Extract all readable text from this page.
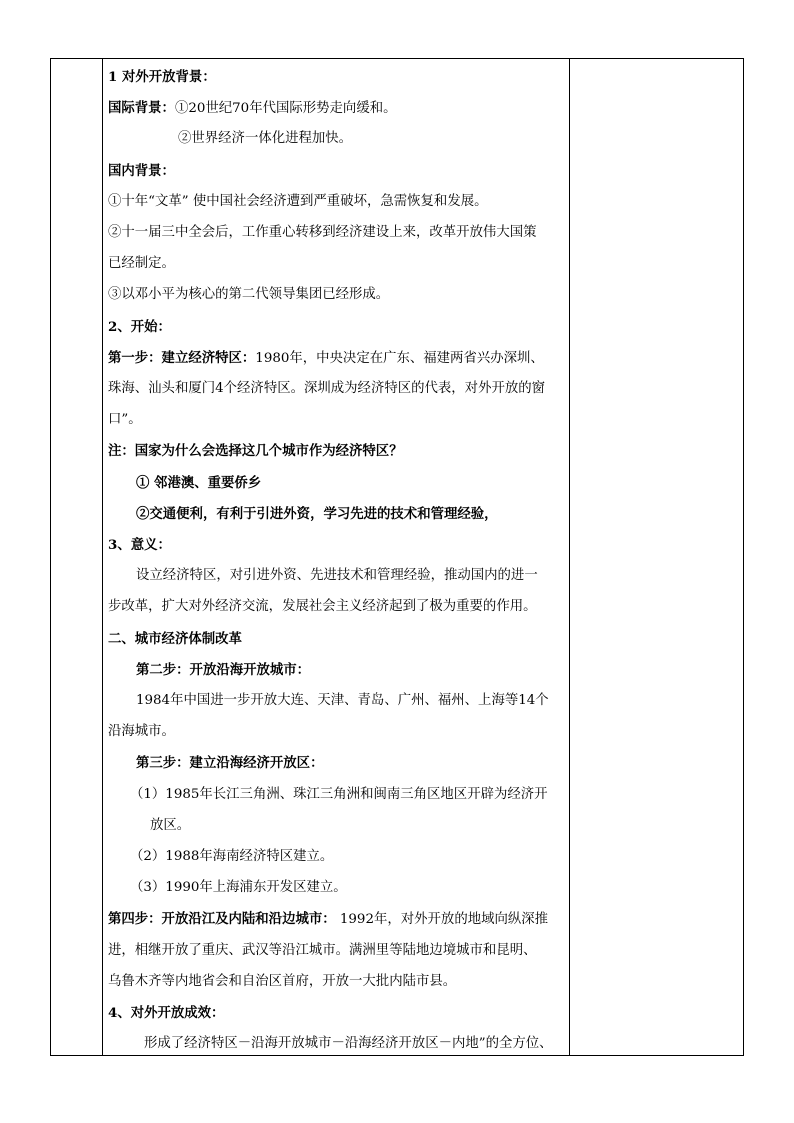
1 对外开放背景：
国际背景：①20世纪70年代国际形势走向缓和。
②世界经济一体化进程加快。
国内背景：
①十年“文革” 使中国社会经济遭到严重破坏，急需恢复和发展。
②十一届三中全会后，工作重心转移到经济建设上来，改革开放伟大国策
已经制定。
③以邓小平为核心的第二代领导集团已经形成。
2、开始：
第一步：建立经济特区：1980年，中央决定在广东、福建两省兴办深圳、
珠海、汕头和厦门4个经济特区。深圳成为经济特区的代表，对外开放的窗
口”。
注：国家为什么会选择这几个城市作为经济特区？
① 邻港澳、重要侨乡
②交通便利，有利于引进外资，学习先进的技术和管理经验，
3、意义：
设立经济特区，对引进外资、先进技术和管理经验，推动国内的进一
步改革，扩大对外经济交流，发展社会主义经济起到了极为重要的作用。
二、城市经济体制改革
第二步：开放沿海开放城市：
1984年中国进一步开放大连、天津、青岛、广州、福州、上海等14个
沿海城市。
第三步：建立沿海经济开放区：
（1）1985年长江三角洲、珠江三角洲和闽南三角区地区开辟为经济开
放区。
（2）1988年海南经济特区建立。
（3）1990年上海浦东开发区建立。
第四步：开放沿江及内陆和沿边城市： 1992年，对外开放的地域向纵深推
进，相继开放了重庆、武汉等沿江城市。满洲里等陆地边境城市和昆明、
乌鲁木齐等内地省会和自治区首府，开放一大批内陆市县。
4、对外开放成效：
形成了经济特区－沿海开放城市－沿海经济开放区－内地”的全方位、
